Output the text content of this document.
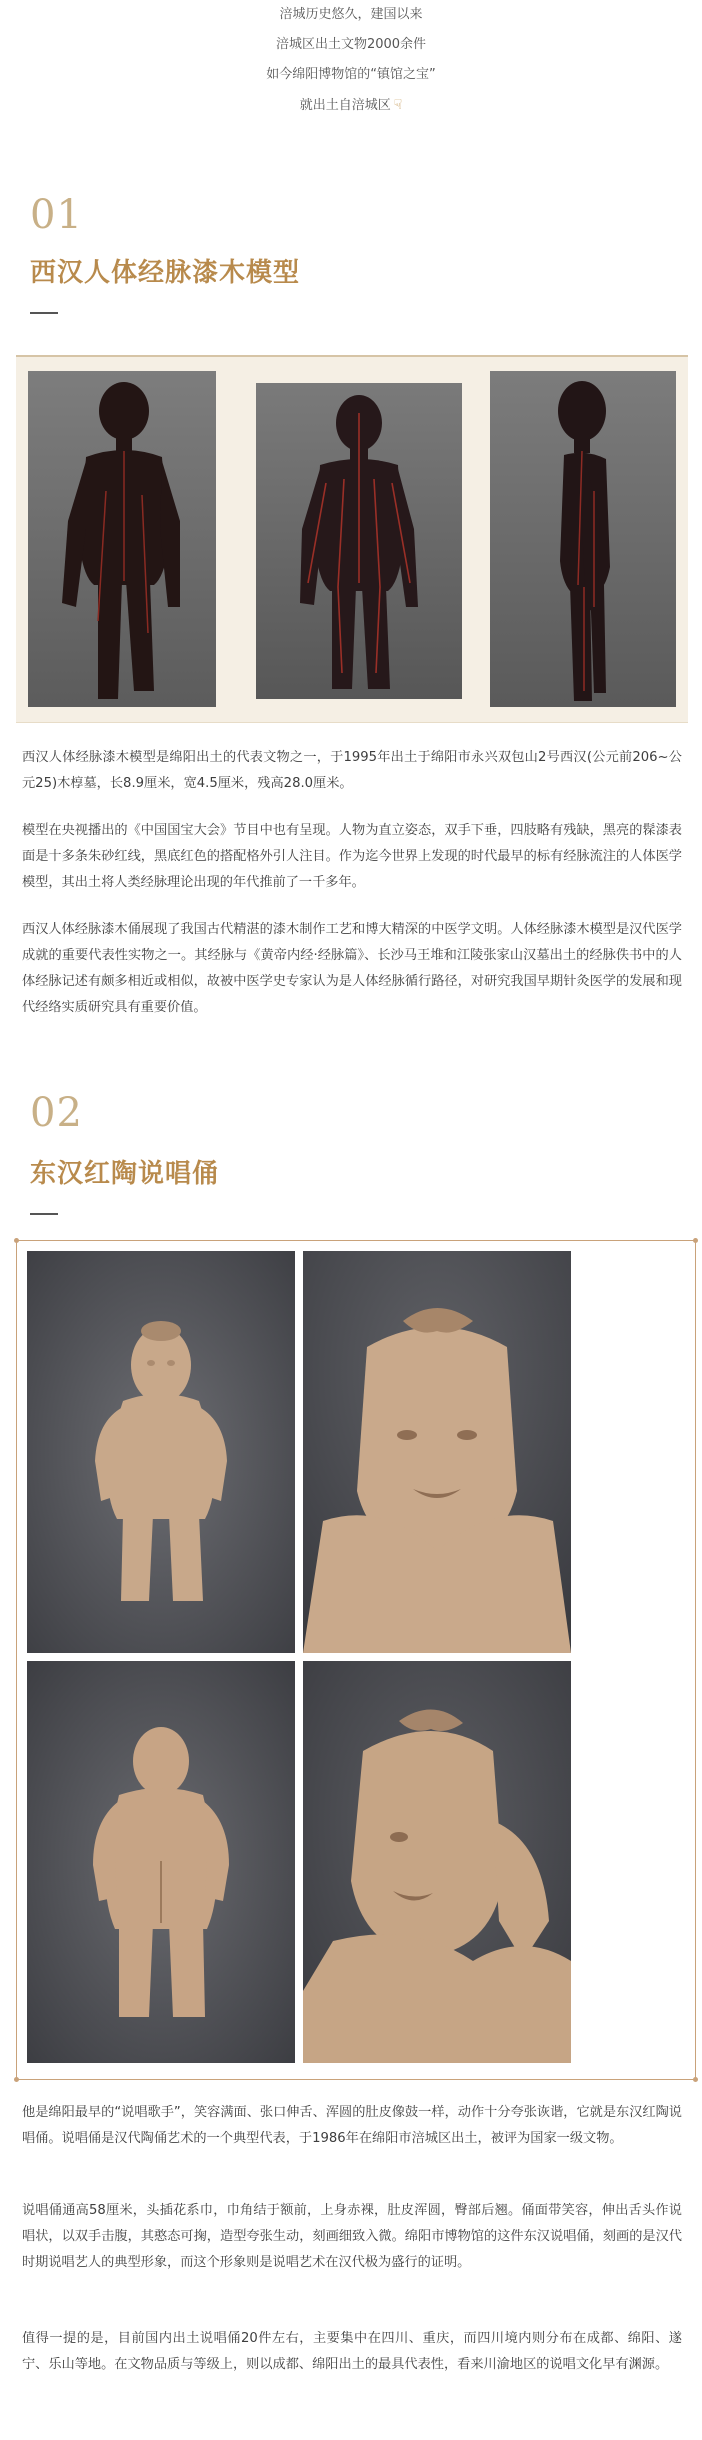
涪城历史悠久，建国以来
涪城区出土文物2000余件
如今绵阳博物馆的“镇馆之宝”
就出土自涪城区 ☟
01
西汉人体经脉漆木模型
西汉人体经脉漆木模型是绵阳出土的代表文物之一，于1995年出土于绵阳市永兴双包山2号西汉(公元前206~公元25)木椁墓，长8.9厘米，宽4.5厘米，残高28.0厘米。
模型在央视播出的《中国国宝大会》节目中也有呈现。人物为直立姿态，双手下垂，四肢略有残缺，黑亮的髹漆表面是十多条朱砂红线，黑底红色的搭配格外引人注目。作为迄今世界上发现的时代最早的标有经脉流注的人体医学模型，其出土将人类经脉理论出现的年代推前了一千多年。
西汉人体经脉漆木俑展现了我国古代精湛的漆木制作工艺和博大精深的中医学文明。人体经脉漆木模型是汉代医学成就的重要代表性实物之一。其经脉与《黄帝内经·经脉篇》、长沙马王堆和江陵张家山汉墓出土的经脉佚书中的人体经脉记述有颇多相近或相似，故被中医学史专家认为是人体经脉循行路径，对研究我国早期针灸医学的发展和现代经络实质研究具有重要价值。
02
东汉红陶说唱俑
他是绵阳最早的“说唱歌手”，笑容满面、张口伸舌、浑圆的肚皮像鼓一样，动作十分夸张诙谐，它就是东汉红陶说唱俑。说唱俑是汉代陶俑艺术的一个典型代表，于1986年在绵阳市涪城区出土，被评为国家一级文物。
说唱俑通高58厘米，头插花系巾，巾角结于额前，上身赤裸，肚皮浑圆，臀部后翘。俑面带笑容，伸出舌头作说唱状，以双手击腹，其憨态可掬，造型夸张生动，刻画细致入微。绵阳市博物馆的这件东汉说唱俑，刻画的是汉代时期说唱艺人的典型形象，而这个形象则是说唱艺术在汉代极为盛行的证明。
值得一提的是，目前国内出土说唱俑20件左右，主要集中在四川、重庆，而四川境内则分布在成都、绵阳、遂宁、乐山等地。在文物品质与等级上，则以成都、绵阳出土的最具代表性，看来川渝地区的说唱文化早有渊源。
